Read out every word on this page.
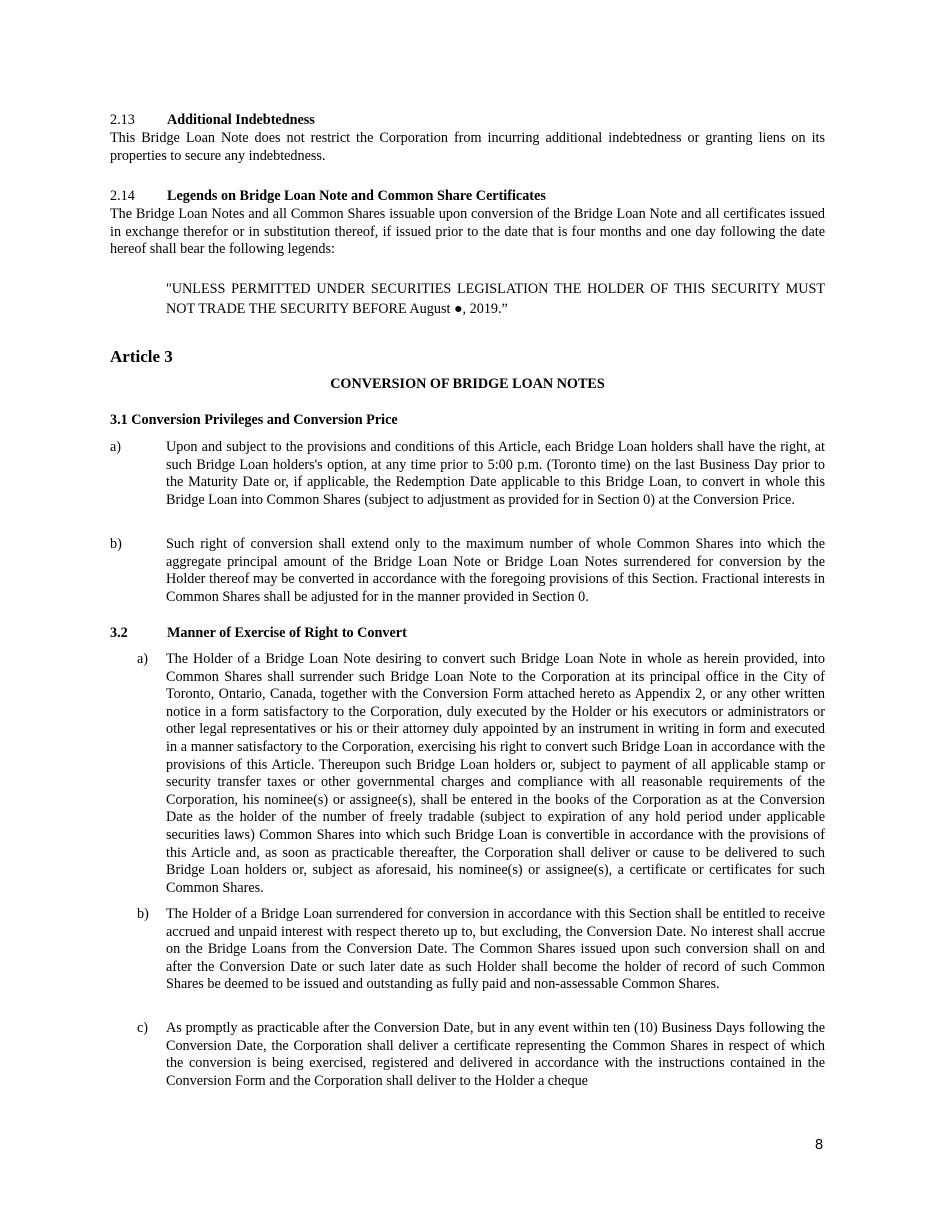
2.13 Additional Indebtedness
This Bridge Loan Note does not restrict the Corporation from incurring additional indebtedness or granting liens on its properties to secure any indebtedness.
2.14 Legends on Bridge Loan Note and Common Share Certificates
The Bridge Loan Notes and all Common Shares issuable upon conversion of the Bridge Loan Note and all certificates issued in exchange therefor or in substitution thereof, if issued prior to the date that is four months and one day following the date hereof shall bear the following legends:
"UNLESS PERMITTED UNDER SECURITIES LEGISLATION THE HOLDER OF THIS SECURITY MUST NOT TRADE THE SECURITY BEFORE August ●, 2019.”
Article 3
CONVERSION OF BRIDGE LOAN NOTES
3.1 Conversion Privileges and Conversion Price
a)	Upon and subject to the provisions and conditions of this Article, each Bridge Loan holders shall have the right, at such Bridge Loan holders's option, at any time prior to 5:00 p.m. (Toronto time) on the last Business Day prior to the Maturity Date or, if applicable, the Redemption Date applicable to this Bridge Loan, to convert in whole this Bridge Loan into Common Shares (subject to adjustment as provided for in Section 0) at the Conversion Price.
b)	Such right of conversion shall extend only to the maximum number of whole Common Shares into which the aggregate principal amount of the Bridge Loan Note or Bridge Loan Notes surrendered for conversion by the Holder thereof may be converted in accordance with the foregoing provisions of this Section. Fractional interests in Common Shares shall be adjusted for in the manner provided in Section 0.
3.2	Manner of Exercise of Right to Convert
a) The Holder of a Bridge Loan Note desiring to convert such Bridge Loan Note in whole as herein provided, into Common Shares shall surrender such Bridge Loan Note to the Corporation at its principal office in the City of Toronto, Ontario, Canada, together with the Conversion Form attached hereto as Appendix 2, or any other written notice in a form satisfactory to the Corporation, duly executed by the Holder or his executors or administrators or other legal representatives or his or their attorney duly appointed by an instrument in writing in form and executed in a manner satisfactory to the Corporation, exercising his right to convert such Bridge Loan in accordance with the provisions of this Article. Thereupon such Bridge Loan holders or, subject to payment of all applicable stamp or security transfer taxes or other governmental charges and compliance with all reasonable requirements of the Corporation, his nominee(s) or assignee(s), shall be entered in the books of the Corporation as at the Conversion Date as the holder of the number of freely tradable (subject to expiration of any hold period under applicable securities laws) Common Shares into which such Bridge Loan is convertible in accordance with the provisions of this Article and, as soon as practicable thereafter, the Corporation shall deliver or cause to be delivered to such Bridge Loan holders or, subject as aforesaid, his nominee(s) or assignee(s), a certificate or certificates for such Common Shares.
b) The Holder of a Bridge Loan surrendered for conversion in accordance with this Section shall be entitled to receive accrued and unpaid interest with respect thereto up to, but excluding, the Conversion Date. No interest shall accrue on the Bridge Loans from the Conversion Date. The Common Shares issued upon such conversion shall on and after the Conversion Date or such later date as such Holder shall become the holder of record of such Common Shares be deemed to be issued and outstanding as fully paid and non-assessable Common Shares.
c) As promptly as practicable after the Conversion Date, but in any event within ten (10) Business Days following the Conversion Date, the Corporation shall deliver a certificate representing the Common Shares in respect of which the conversion is being exercised, registered and delivered in accordance with the instructions contained in the Conversion Form and the Corporation shall deliver to the Holder a cheque
8
